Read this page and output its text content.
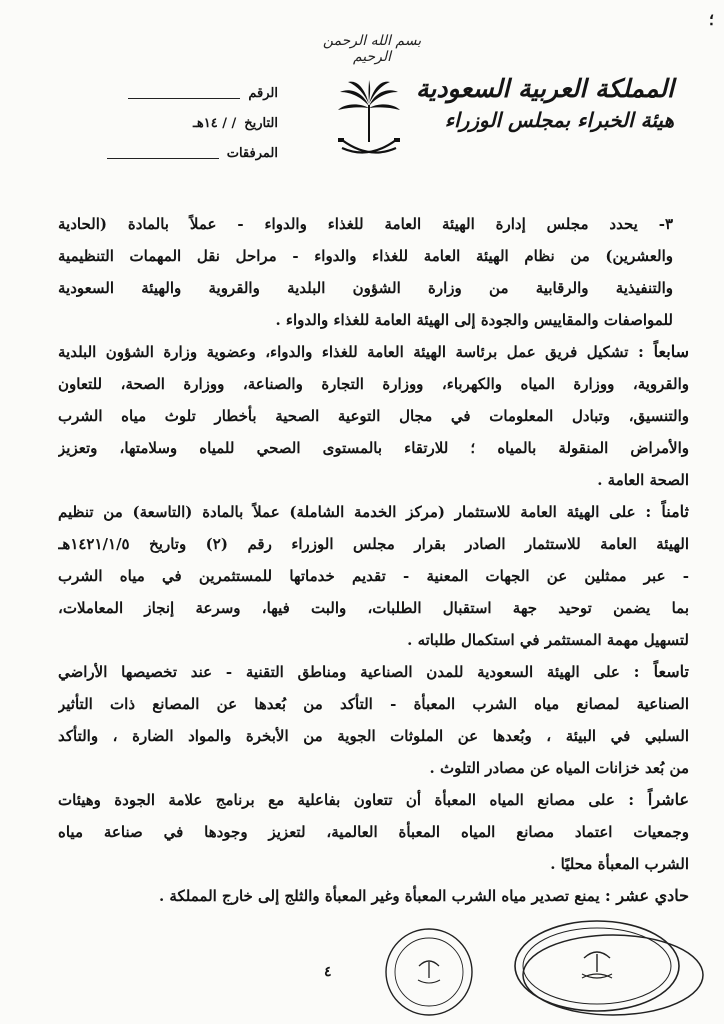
؛
بسم الله الرحمن الرحيم
المملكة العربية السعودية
هيئة الخبراء بمجلس الوزراء
الرقم
التاريخ
/ / ١٤هـ
المرفقات
٣- يحدد مجلس إدارة الهيئة العامة للغذاء والدواء - عملاً بالمادة (الحادية
والعشرين) من نظام الهيئة العامة للغذاء والدواء - مراحل نقل المهمات التنظيمية
والتنفيذية والرقابية من وزارة الشؤون البلدية والقروية والهيئة السعودية
للمواصفات والمقاييس والجودة إلى الهيئة العامة للغذاء والدواء .
سابعاً : تشكيل فريق عمل برئاسة الهيئة العامة للغذاء والدواء، وعضوية وزارة الشؤون البلدية
والقروية، ووزارة المياه والكهرباء، ووزارة التجارة والصناعة، ووزارة الصحة، للتعاون
والتنسيق، وتبادل المعلومات في مجال التوعية الصحية بأخطار تلوث مياه الشرب
والأمراض المنقولة بالمياه ؛ للارتقاء بالمستوى الصحي للمياه وسلامتها، وتعزيز
الصحة العامة .
ثامناً : على الهيئة العامة للاستثمار (مركز الخدمة الشاملة) عملاً بالمادة (التاسعة) من تنظيم
الهيئة العامة للاستثمار الصادر بقرار مجلس الوزراء رقم (٢) وتاريخ ١٤٢١/١/٥هـ
- عبر ممثلين عن الجهات المعنية - تقديم خدماتها للمستثمرين في مياه الشرب
بما يضمن توحيد جهة استقبال الطلبات، والبت فيها، وسرعة إنجاز المعاملات،
لتسهيل مهمة المستثمر في استكمال طلباته .
تاسعاً : على الهيئة السعودية للمدن الصناعية ومناطق التقنية - عند تخصيصها الأراضي
الصناعية لمصانع مياه الشرب المعبأة - التأكد من بُعدها عن المصانع ذات التأثير
السلبي في البيئة ، وبُعدها عن الملوثات الجوية من الأبخرة والمواد الضارة ، والتأكد
من بُعد خزانات المياه عن مصادر التلوث .
عاشراً : على مصانع المياه المعبأة أن تتعاون بفاعلية مع برنامج علامة الجودة وهيئات
وجمعيات اعتماد مصانع المياه المعبأة العالمية، لتعزيز وجودها في صناعة مياه
الشرب المعبأة محليًا .
حادي عشر : يمنع تصدير مياه الشرب المعبأة وغير المعبأة والثلج إلى خارج المملكة .
٤
